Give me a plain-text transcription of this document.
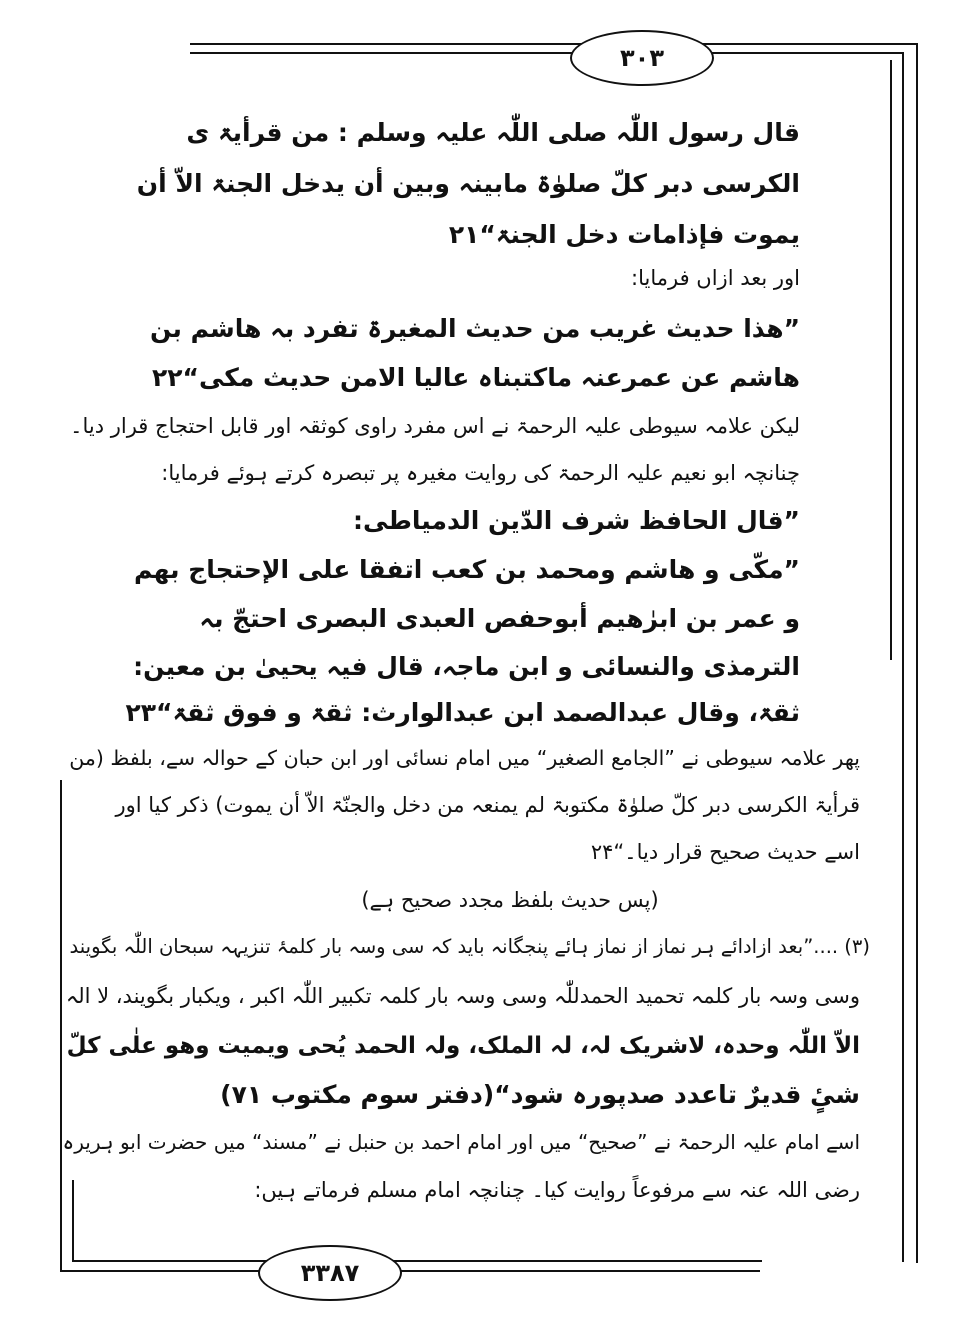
۳۰۳
قال رسول اللّٰہ صلی اللّٰہ علیہ وسلم : من قرأیۃ ی
الکرسی دبر کلّ صلوٰۃ مابینہ وبین أن یدخل الجنۃ الاّ أن
یموت فإذامات دخل الجنۃ“۲۱
اور بعد ازاں فرمایا:
”ھذا حدیث غریب من حدیث المغیرۃ تفرد بہ ھاشم بن
ھاشم عن عمرعنہ ماکتبناہ عالیا الامن حدیث مکی“۲۲
لیکن علامہ سیوطی علیہ الرحمۃ نے اس مفرد راوی کوثقہ اور قابل احتجاج قرار دیا۔
چنانچہ ابو نعیم علیہ الرحمۃ کی روایت مغیرہ پر تبصرہ کرتے ہوئے فرمایا:
”قال الحافظ شرف الدّین الدمیاطی:
”مکّی و ھاشم ومحمد بن کعب اتفقا علی الإحتجاج بھم
و عمر بن ابرٰھیم أبوحفص العبدی البصری احتجّ بہ
الترمذی والنسائی و ابن ماجہ، قال فیہ یحییٰ بن معین:
ثقۃ، وقال عبدالصمد ابن عبدالوارث: ثقۃ و فوق ثقۃ“۲۳
پھر علامہ سیوطی نے ”الجامع الصغیر“ میں امام نسائی اور ابن حبان کے حوالہ سے، بلفظ (من
قرأیۃ الکرسی دبر کلّ صلوٰۃ مکتوبۃ لم یمنعہ من دخل والجنّۃ الاّ أن یموت) ذکر کیا اور
اسے حدیث صحیح قرار دیا۔“۲۴
(پس حدیث بلفظ مجدد صحیح ہے)
(۳) ....”بعد ازادائے ہر نماز از نماز ہائے پنجگانہ باید کہ سی وسہ بار کلمۂ تنزیہہ سبحان اللّٰہ بگویند
وسی وسہ بار کلمہ تحمید الحمدللّٰہ وسی وسہ بار کلمہ تکبیر اللّٰہ اکبر ، ویکبار بگویند، لا الہ
الاّ اللّٰہ وحدہ، لاشریک لہ، لہ الملک، ولہ الحمد یُحی ویمیت وھو علٰی کلّ
شیٍٔ قدیرٌ تاعدد صدپورہ شود“(دفتر سوم مکتوب ۷۱)
اسے امام علیہ الرحمۃ نے ”صحیح“ میں اور امام احمد بن حنبل نے ”مسند“ میں حضرت ابو ہریرہ
رضی اللہ عنہ سے مرفوعاً روایت کیا۔ چنانچہ امام مسلم فرماتے ہیں:
۳۳۸۷
